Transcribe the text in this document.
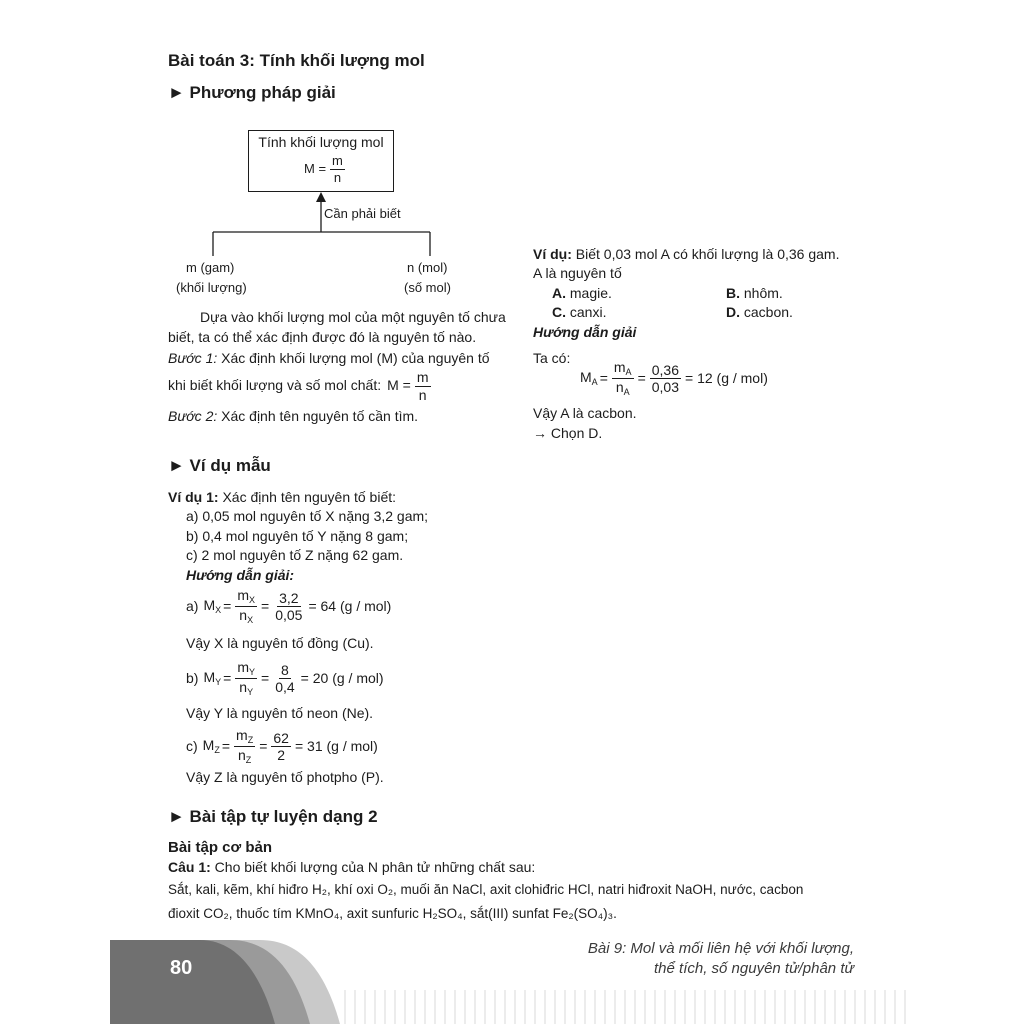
Bài toán 3: Tính khối lượng mol
► Phương pháp giải
Tính khối lượng mol
$M = \frac{m}{n}$
Cần phải biết
m (gam)
(khối lượng)
n (mol)
(số mol)
Dựa vào khối lượng mol của một nguyên tố chưa
biết, ta có thể xác định được đó là nguyên tố nào.
Bước 1: Xác định khối lượng mol (M) của nguyên tố
khi biết khối lượng và số mol chất: $M = \frac{m}{n}$
Bước 2: Xác định tên nguyên tố cần tìm.
Ví dụ: Biết 0,03 mol A có khối lượng là 0,36 gam.
A là nguyên tố
A. magie.	B. nhôm.
C. canxi.	D. cacbon.
Hướng dẫn giải
Ta có:
$M_A = \frac{m_A}{n_A} = \frac{0,36}{0,03} = 12$ (g / mol)
Vậy A là cacbon.
→ Chọn D.
► Ví dụ mẫu
Ví dụ 1: Xác định tên nguyên tố biết:
a) 0,05 mol nguyên tố X nặng 3,2 gam;
b) 0,4 mol nguyên tố Y nặng 8 gam;
c) 2 mol nguyên tố Z nặng 62 gam.
Hướng dẫn giải:
a) $M_X = \frac{m_X}{n_X} = \frac{3,2}{0,05} = 64$ (g / mol)
Vậy X là nguyên tố đồng (Cu).
b) $M_Y = \frac{m_Y}{n_Y} = \frac{8}{0,4} = 20$ (g / mol)
Vậy Y là nguyên tố neon (Ne).
c) $M_Z = \frac{m_Z}{n_Z} = \frac{62}{2} = 31$ (g / mol)
Vậy Z là nguyên tố photpho (P).
► Bài tập tự luyện dạng 2
Bài tập cơ bản
Câu 1: Cho biết khối lượng của N phân tử những chất sau:
Sắt, kali, kẽm, khí hiđro H₂, khí oxi O₂, muối ăn NaCl, axit clohiđric HCl, natri hiđroxit NaOH, nước, cacbon
đioxit CO₂, thuốc tím KMnO₄, axit sunfuric H₂SO₄, sắt(III) sunfat Fe₂(SO₄)₃.
80
Bài 9: Mol và mối liên hệ với khối lượng,
thể tích, số nguyên tử/phân tử
